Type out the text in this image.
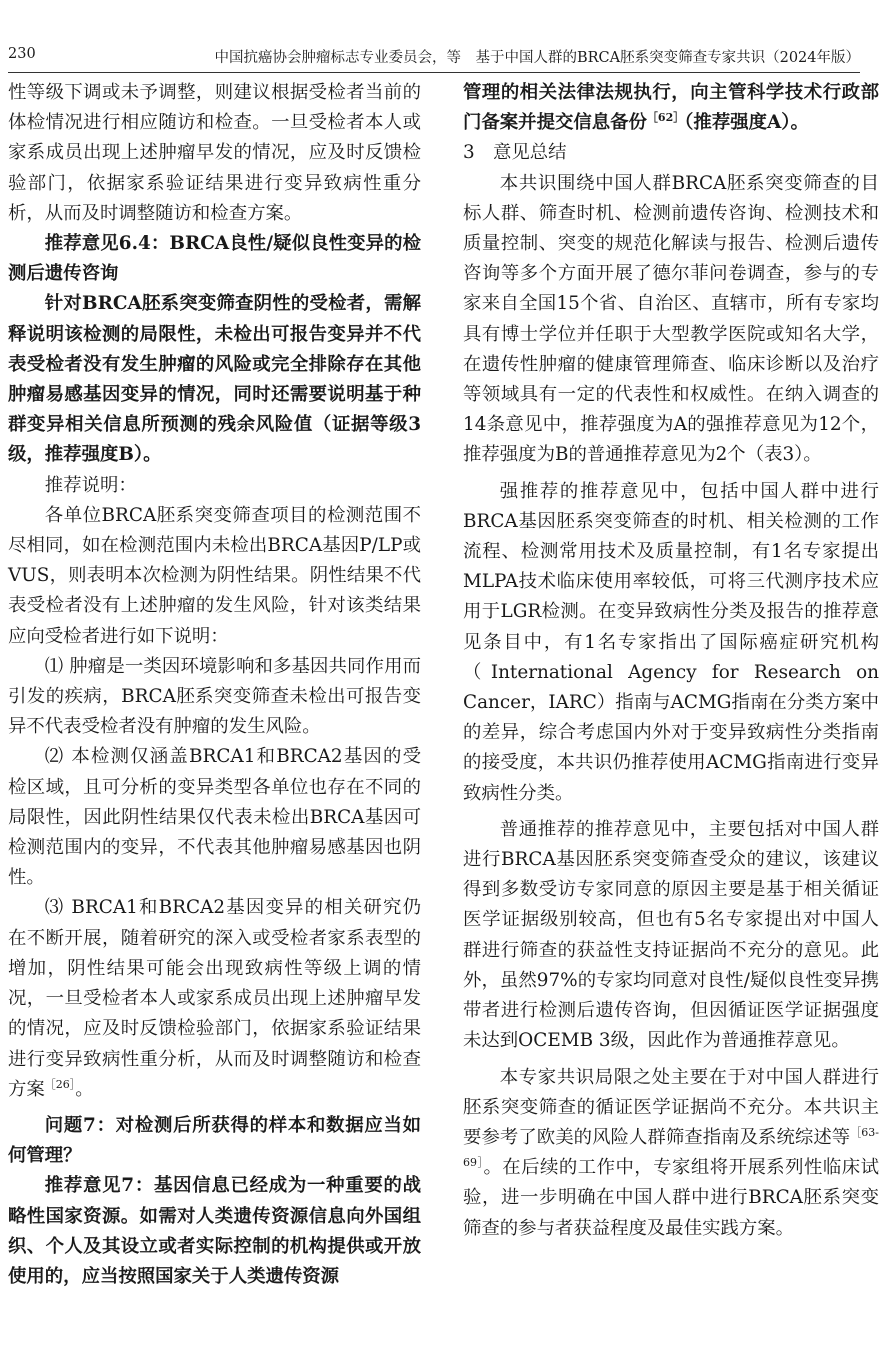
230	中国抗癌协会肿瘤标志专业委员会，等　基于中国人群的BRCA胚系突变筛查专家共识（2024年版）

性等级下调或未予调整，则建议根据受检者当前的体检情况进行相应随访和检查。一旦受检者本人或家系成员出现上述肿瘤早发的情况，应及时反馈检验部门，依据家系验证结果进行变异致病性重分析，从而及时调整随访和检查方案。

推荐意见6.4：BRCA良性/疑似良性变异的检测后遗传咨询

针对BRCA胚系突变筛查阴性的受检者，需解释说明该检测的局限性，未检出可报告变异并不代表受检者没有发生肿瘤的风险或完全排除存在其他肿瘤易感基因变异的情况，同时还需要说明基于种群变异相关信息所预测的残余风险值（证据等级3级，推荐强度B）。

推荐说明：

各单位BRCA胚系突变筛查项目的检测范围不尽相同，如在检测范围内未检出BRCA基因P/LP或VUS，则表明本次检测为阴性结果。阴性结果不代表受检者没有上述肿瘤的发生风险，针对该类结果应向受检者进行如下说明：

⑴ 肿瘤是一类因环境影响和多基因共同作用而引发的疾病，BRCA胚系突变筛查未检出可报告变异不代表受检者没有肿瘤的发生风险。

⑵ 本检测仅涵盖BRCA1和BRCA2基因的受检区域，且可分析的变异类型各单位也存在不同的局限性，因此阴性结果仅代表未检出BRCA基因可检测范围内的变异，不代表其他肿瘤易感基因也阴性。

⑶ BRCA1和BRCA2基因变异的相关研究仍在不断开展，随着研究的深入或受检者家系表型的增加，阴性结果可能会出现致病性等级上调的情况，一旦受检者本人或家系成员出现上述肿瘤早发的情况，应及时反馈检验部门，依据家系验证结果进行变异致病性重分析，从而及时调整随访和检查方案$^{[26]}$。

问题7：对检测后所获得的样本和数据应当如何管理？

推荐意见7：基因信息已经成为一种重要的战略性国家资源。如需对人类遗传资源信息向外国组织、个人及其设立或者实际控制的机构提供或开放使用的，应当按照国家关于人类遗传资源

管理的相关法律法规执行，向主管科学技术行政部门备案并提交信息备份$^{[62]}$（推荐强度A）。

3 意见总结

本共识围绕中国人群BRCA胚系突变筛查的目标人群、筛查时机、检测前遗传咨询、检测技术和质量控制、突变的规范化解读与报告、检测后遗传咨询等多个方面开展了德尔菲问卷调查，参与的专家来自全国15个省、自治区、直辖市，所有专家均具有博士学位并任职于大型教学医院或知名大学，在遗传性肿瘤的健康管理筛查、临床诊断以及治疗等领域具有一定的代表性和权威性。在纳入调查的14条意见中，推荐强度为A的强推荐意见为12个，推荐强度为B的普通推荐意见为2个（表3）。

强推荐的推荐意见中，包括中国人群中进行BRCA基因胚系突变筛查的时机、相关检测的工作流程、检测常用技术及质量控制，有1名专家提出MLPA技术临床使用率较低，可将三代测序技术应用于LGR检测。在变异致病性分类及报告的推荐意见条目中，有1名专家指出了国际癌症研究机构（International Agency for Research on Cancer，IARC）指南与ACMG指南在分类方案中的差异，综合考虑国内外对于变异致病性分类指南的接受度，本共识仍推荐使用ACMG指南进行变异致病性分类。

普通推荐的推荐意见中，主要包括对中国人群进行BRCA基因胚系突变筛查受众的建议，该建议得到多数受访专家同意的原因主要是基于相关循证医学证据级别较高，但也有5名专家提出对中国人群进行筛查的获益性支持证据尚不充分的意见。此外，虽然97%的专家均同意对良性/疑似良性变异携带者进行检测后遗传咨询，但因循证医学证据强度未达到OCEMB 3级，因此作为普通推荐意见。

本专家共识局限之处主要在于对中国人群进行胚系突变筛查的循证医学证据尚不充分。本共识主要参考了欧美的风险人群筛查指南及系统综述等$^{[63-69]}$。在后续的工作中，专家组将开展系列性临床试验，进一步明确在中国人群中进行BRCA胚系突变筛查的参与者获益程度及最佳实践方案。
